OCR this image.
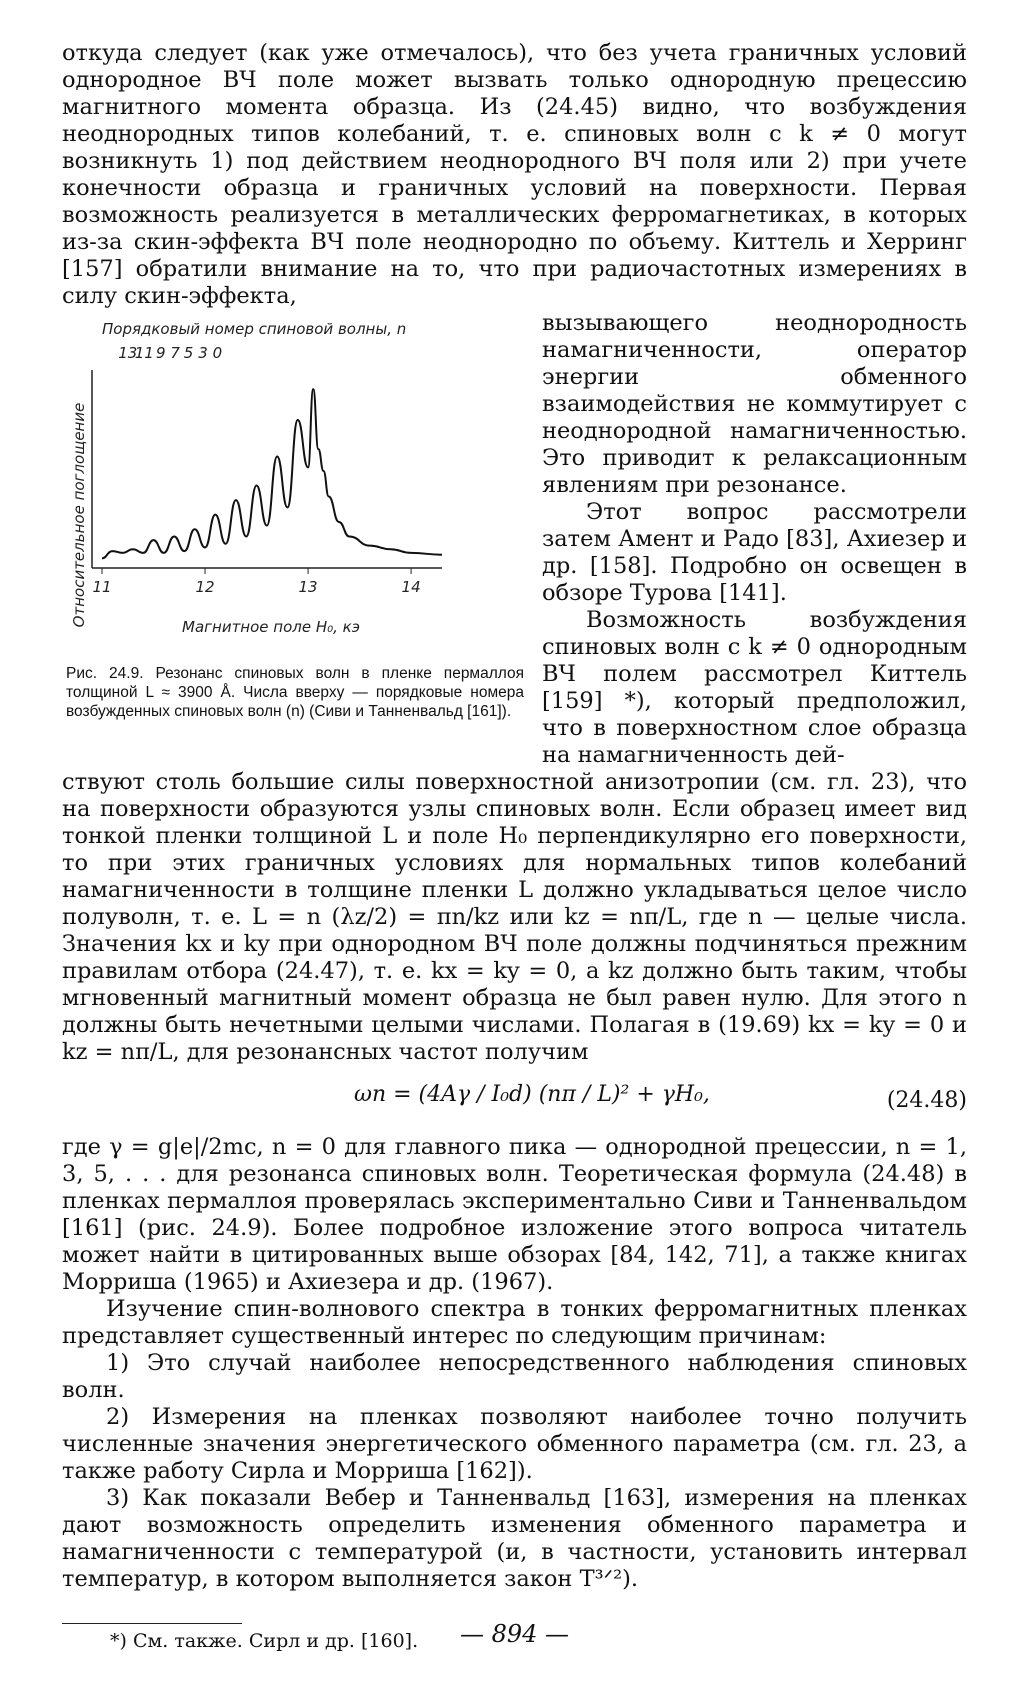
откуда следует (как уже отмечалось), что без учета граничных условий однородное ВЧ поле может вызвать только однородную прецессию магнитного момента образца. Из (24.45) видно, что возбуждения неоднородных типов колебаний, т. е. спиновых волн с k ≠ 0 могут возникнуть 1) под действием неоднородного ВЧ поля или 2) при учете конечности образца и граничных условий на поверхности. Первая возможность реализуется в металлических ферромагнетиках, в которых из-за скин-эффекта ВЧ поле неоднородно по объему. Киттель и Херринг [157] обратили внимание на то, что при радиочастотных измерениях в силу скин-эффекта,

Порядковый номер спиновой волны, n
13
11 9 7 5 3 0
Относительное поглощение 11	12	13	14
Магнитное поле H₀, кэ
Рис. 24.9. Резонанс спиновых волн в пленке пермаллоя толщиной L ≈ 3900 Å. Числа вверху — порядковые номера возбужденных спиновых волн (n) (Сиви и Танненвальд [161]).

вызывающего неоднородность намагниченности, оператор энергии обменного взаимодействия не коммутирует с неоднородной намагниченностью. Это приводит к релаксационным явлениям при резонансе.

Этот вопрос рассмотрели затем Амент и Радо [83], Ахиезер и др. [158]. Подробно он освещен в обзоре Турова [141].

Возможность возбуждения спиновых волн с k ≠ 0 однородным ВЧ полем рассмотрел Киттель [159] *), который предположил, что в поверхностном слое образца на намагниченность дей-

ствуют столь большие силы поверхностной анизотропии (см. гл. 23), что на поверхности образуются узлы спиновых волн. Если образец имеет вид тонкой пленки толщиной L и поле H₀ перпендикулярно его поверхности, то при этих граничных условиях для нормальных типов колебаний намагниченности в толщине пленки L должно укладываться целое число полуволн, т. е. L = n (λz/2) = πn/kz или kz = nπ/L, где n — целые числа. Значения kx и ky при однородном ВЧ поле должны подчиняться прежним правилам отбора (24.47), т. е. kx = ky = 0, а kz должно быть таким, чтобы мгновенный магнитный момент образца не был равен нулю. Для этого n должны быть нечетными целыми числами. Полагая в (19.69) kx = ky = 0 и kz = nπ/L, для резонансных частот получим

ωn = (4Aγ / I₀d) (nπ / L)² + γH₀,	(24.48)

где γ = g|e|/2mc, n = 0 для главного пика — однородной прецессии, n = 1, 3, 5, . . . для резонанса спиновых волн. Теоретическая формула (24.48) в пленках пермаллоя проверялась экспериментально Сиви и Танненвальдом [161] (рис. 24.9). Более подробное изложение этого вопроса читатель может найти в цитированных выше обзорах [84, 142, 71], а также книгах Морриша (1965) и Ахиезера и др. (1967).

Изучение спин-волнового спектра в тонких ферромагнитных пленках представляет существенный интерес по следующим причинам:

1) Это случай наиболее непосредственного наблюдения спиновых волн.

2) Измерения на пленках позволяют наиболее точно получить численные значения энергетического обменного параметра (см. гл. 23, а также работу Сирла и Морриша [162]).

3) Как показали Вебер и Танненвальд [163], измерения на пленках дают возможность определить изменения обменного параметра и намагниченности с температурой (и, в частности, установить интервал температур, в котором выполняется закон T³ᐟ²).

*) См. также. Сирл и др. [160].	— 894 —
